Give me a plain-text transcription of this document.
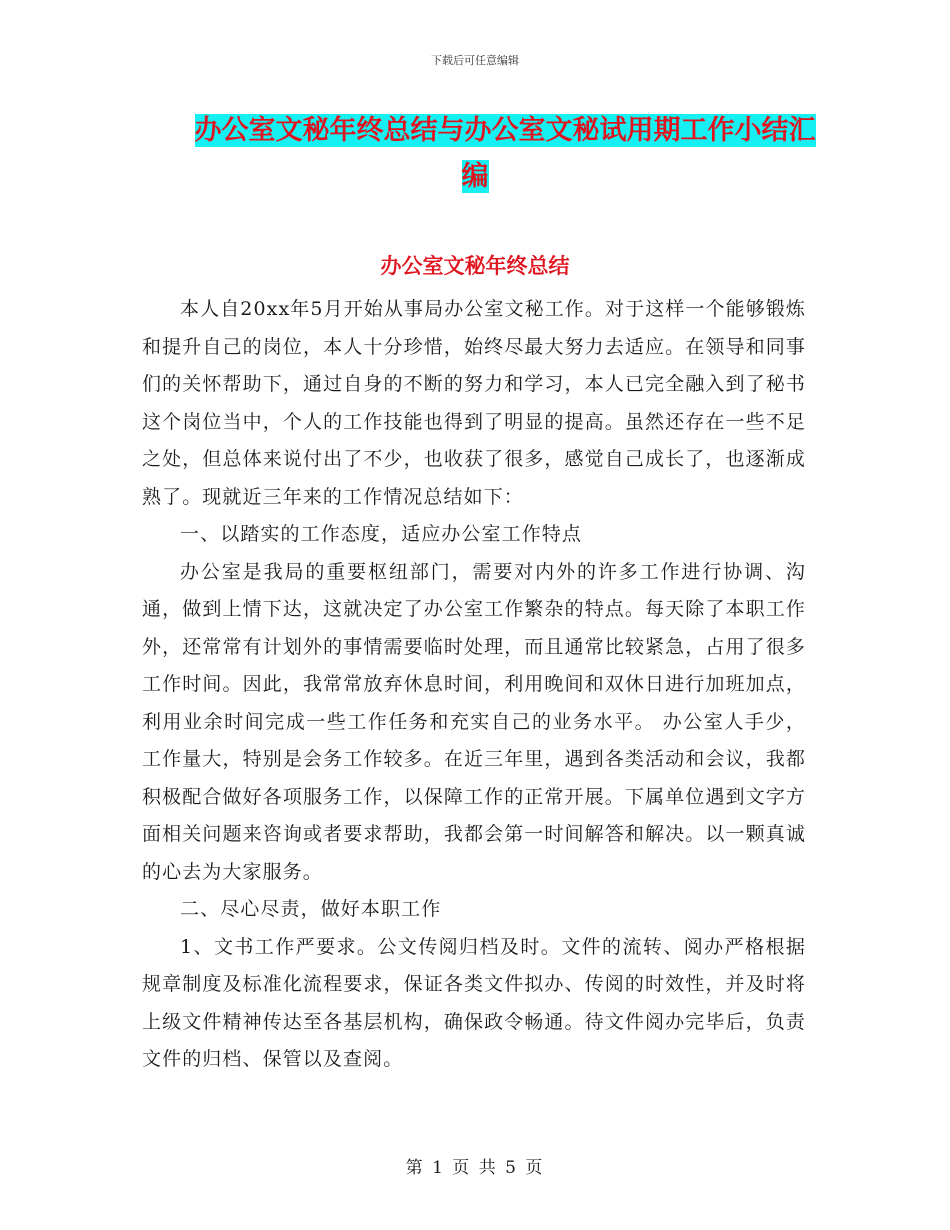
下载后可任意编辑
办公室文秘年终总结与办公室文秘试用期工作小结汇
编
办公室文秘年终总结

本人自20xx年5月开始从事局办公室文秘工作。对于这样一个能够锻炼和提升自己的岗位，本人十分珍惜，始终尽最大努力去适应。在领导和同事们的关怀帮助下，通过自身的不断的努力和学习，本人已完全融入到了秘书这个岗位当中，个人的工作技能也得到了明显的提高。虽然还存在一些不足之处，但总体来说付出了不少，也收获了很多，感觉自己成长了，也逐渐成熟了。现就近三年来的工作情况总结如下：

一、以踏实的工作态度，适应办公室工作特点

办公室是我局的重要枢纽部门，需要对内外的许多工作进行协调、沟通，做到上情下达，这就决定了办公室工作繁杂的特点。每天除了本职工作外，还常常有计划外的事情需要临时处理，而且通常比较紧急，占用了很多工作时间。因此，我常常放弃休息时间，利用晚间和双休日进行加班加点，利用业余时间完成一些工作任务和充实自己的业务水平。 办公室人手少，工作量大，特别是会务工作较多。在近三年里，遇到各类活动和会议，我都积极配合做好各项服务工作，以保障工作的正常开展。下属单位遇到文字方面相关问题来咨询或者要求帮助，我都会第一时间解答和解决。以一颗真诚的心去为大家服务。

二、尽心尽责，做好本职工作

1、文书工作严要求。公文传阅归档及时。文件的流转、阅办严格根据规章制度及标准化流程要求，保证各类文件拟办、传阅的时效性，并及时将上级文件精神传达至各基层机构，确保政令畅通。待文件阅办完毕后，负责文件的归档、保管以及查阅。

第 1 页 共 5 页
